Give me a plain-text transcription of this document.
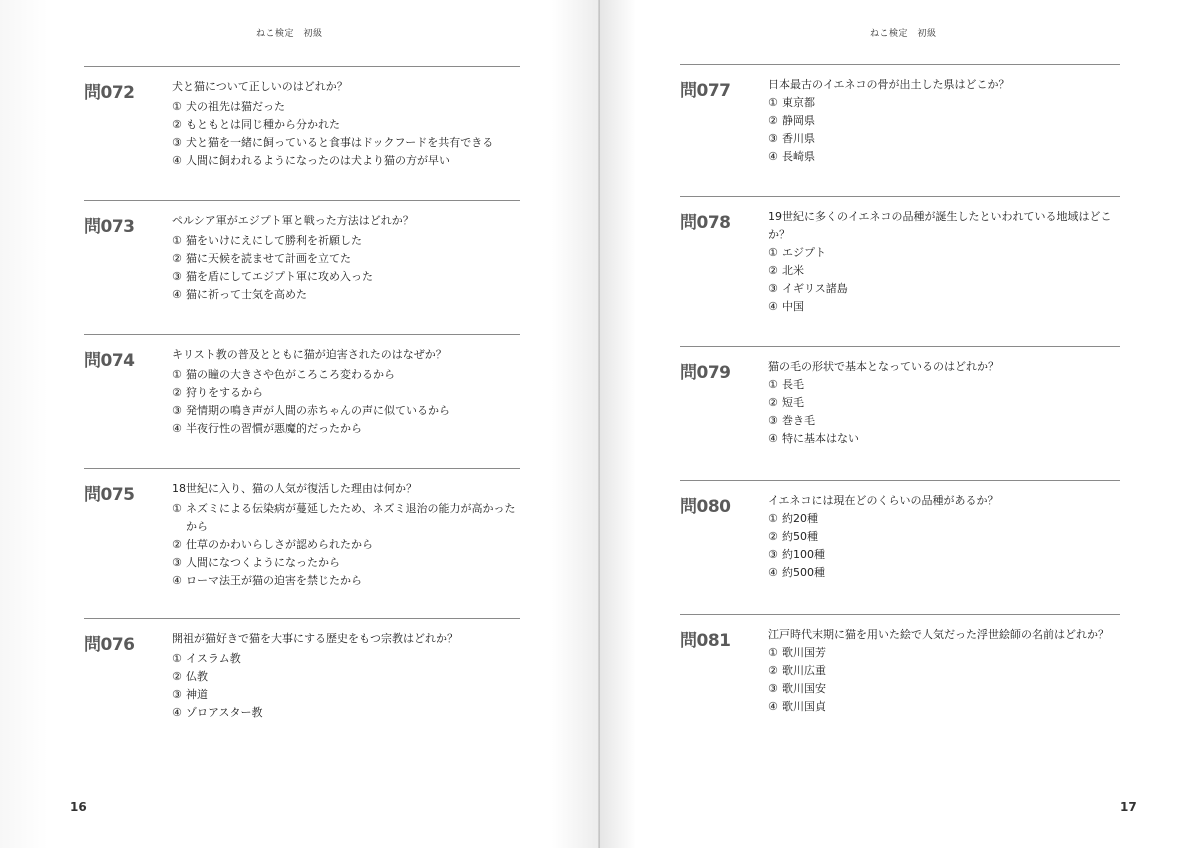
ねこ検定　初級
問072	犬と猫について正しいのはどれか？
① 犬の祖先は猫だった
② もともとは同じ種から分かれた
③ 犬と猫を一緒に飼っていると食事はドックフードを共有できる
④ 人間に飼われるようになったのは犬より猫の方が早い
問073	ペルシア軍がエジプト軍と戦った方法はどれか？
① 猫をいけにえにして勝利を祈願した
② 猫に天候を読ませて計画を立てた
③ 猫を盾にしてエジプト軍に攻め入った
④ 猫に祈って士気を高めた
問074	キリスト教の普及とともに猫が迫害されたのはなぜか？
① 猫の瞳の大きさや色がころころ変わるから
② 狩りをするから
③ 発情期の鳴き声が人間の赤ちゃんの声に似ているから
④ 半夜行性の習慣が悪魔的だったから
問075	18世紀に入り、猫の人気が復活した理由は何か？
① ネズミによる伝染病が蔓延したため、ネズミ退治の能力が高かったから
② 仕草のかわいらしさが認められたから
③ 人間になつくようになったから
④ ローマ法王が猫の迫害を禁じたから
問076	開祖が猫好きで猫を大事にする歴史をもつ宗教はどれか？
① イスラム教
② 仏教
③ 神道
④ ゾロアスター教
16
ねこ検定　初級
問077	日本最古のイエネコの骨が出土した県はどこか？
① 東京都
② 静岡県
③ 香川県
④ 長崎県
問078	19世紀に多くのイエネコの品種が誕生したといわれている地域はどこか？
① エジプト
② 北米
③ イギリス諸島
④ 中国
問079	猫の毛の形状で基本となっているのはどれか？
① 長毛
② 短毛
③ 巻き毛
④ 特に基本はない
問080	イエネコには現在どのくらいの品種があるか？
① 約20種
② 約50種
③ 約100種
④ 約500種
問081	江戸時代末期に猫を用いた絵で人気だった浮世絵師の名前はどれか？
① 歌川国芳
② 歌川広重
③ 歌川国安
④ 歌川国貞
17
